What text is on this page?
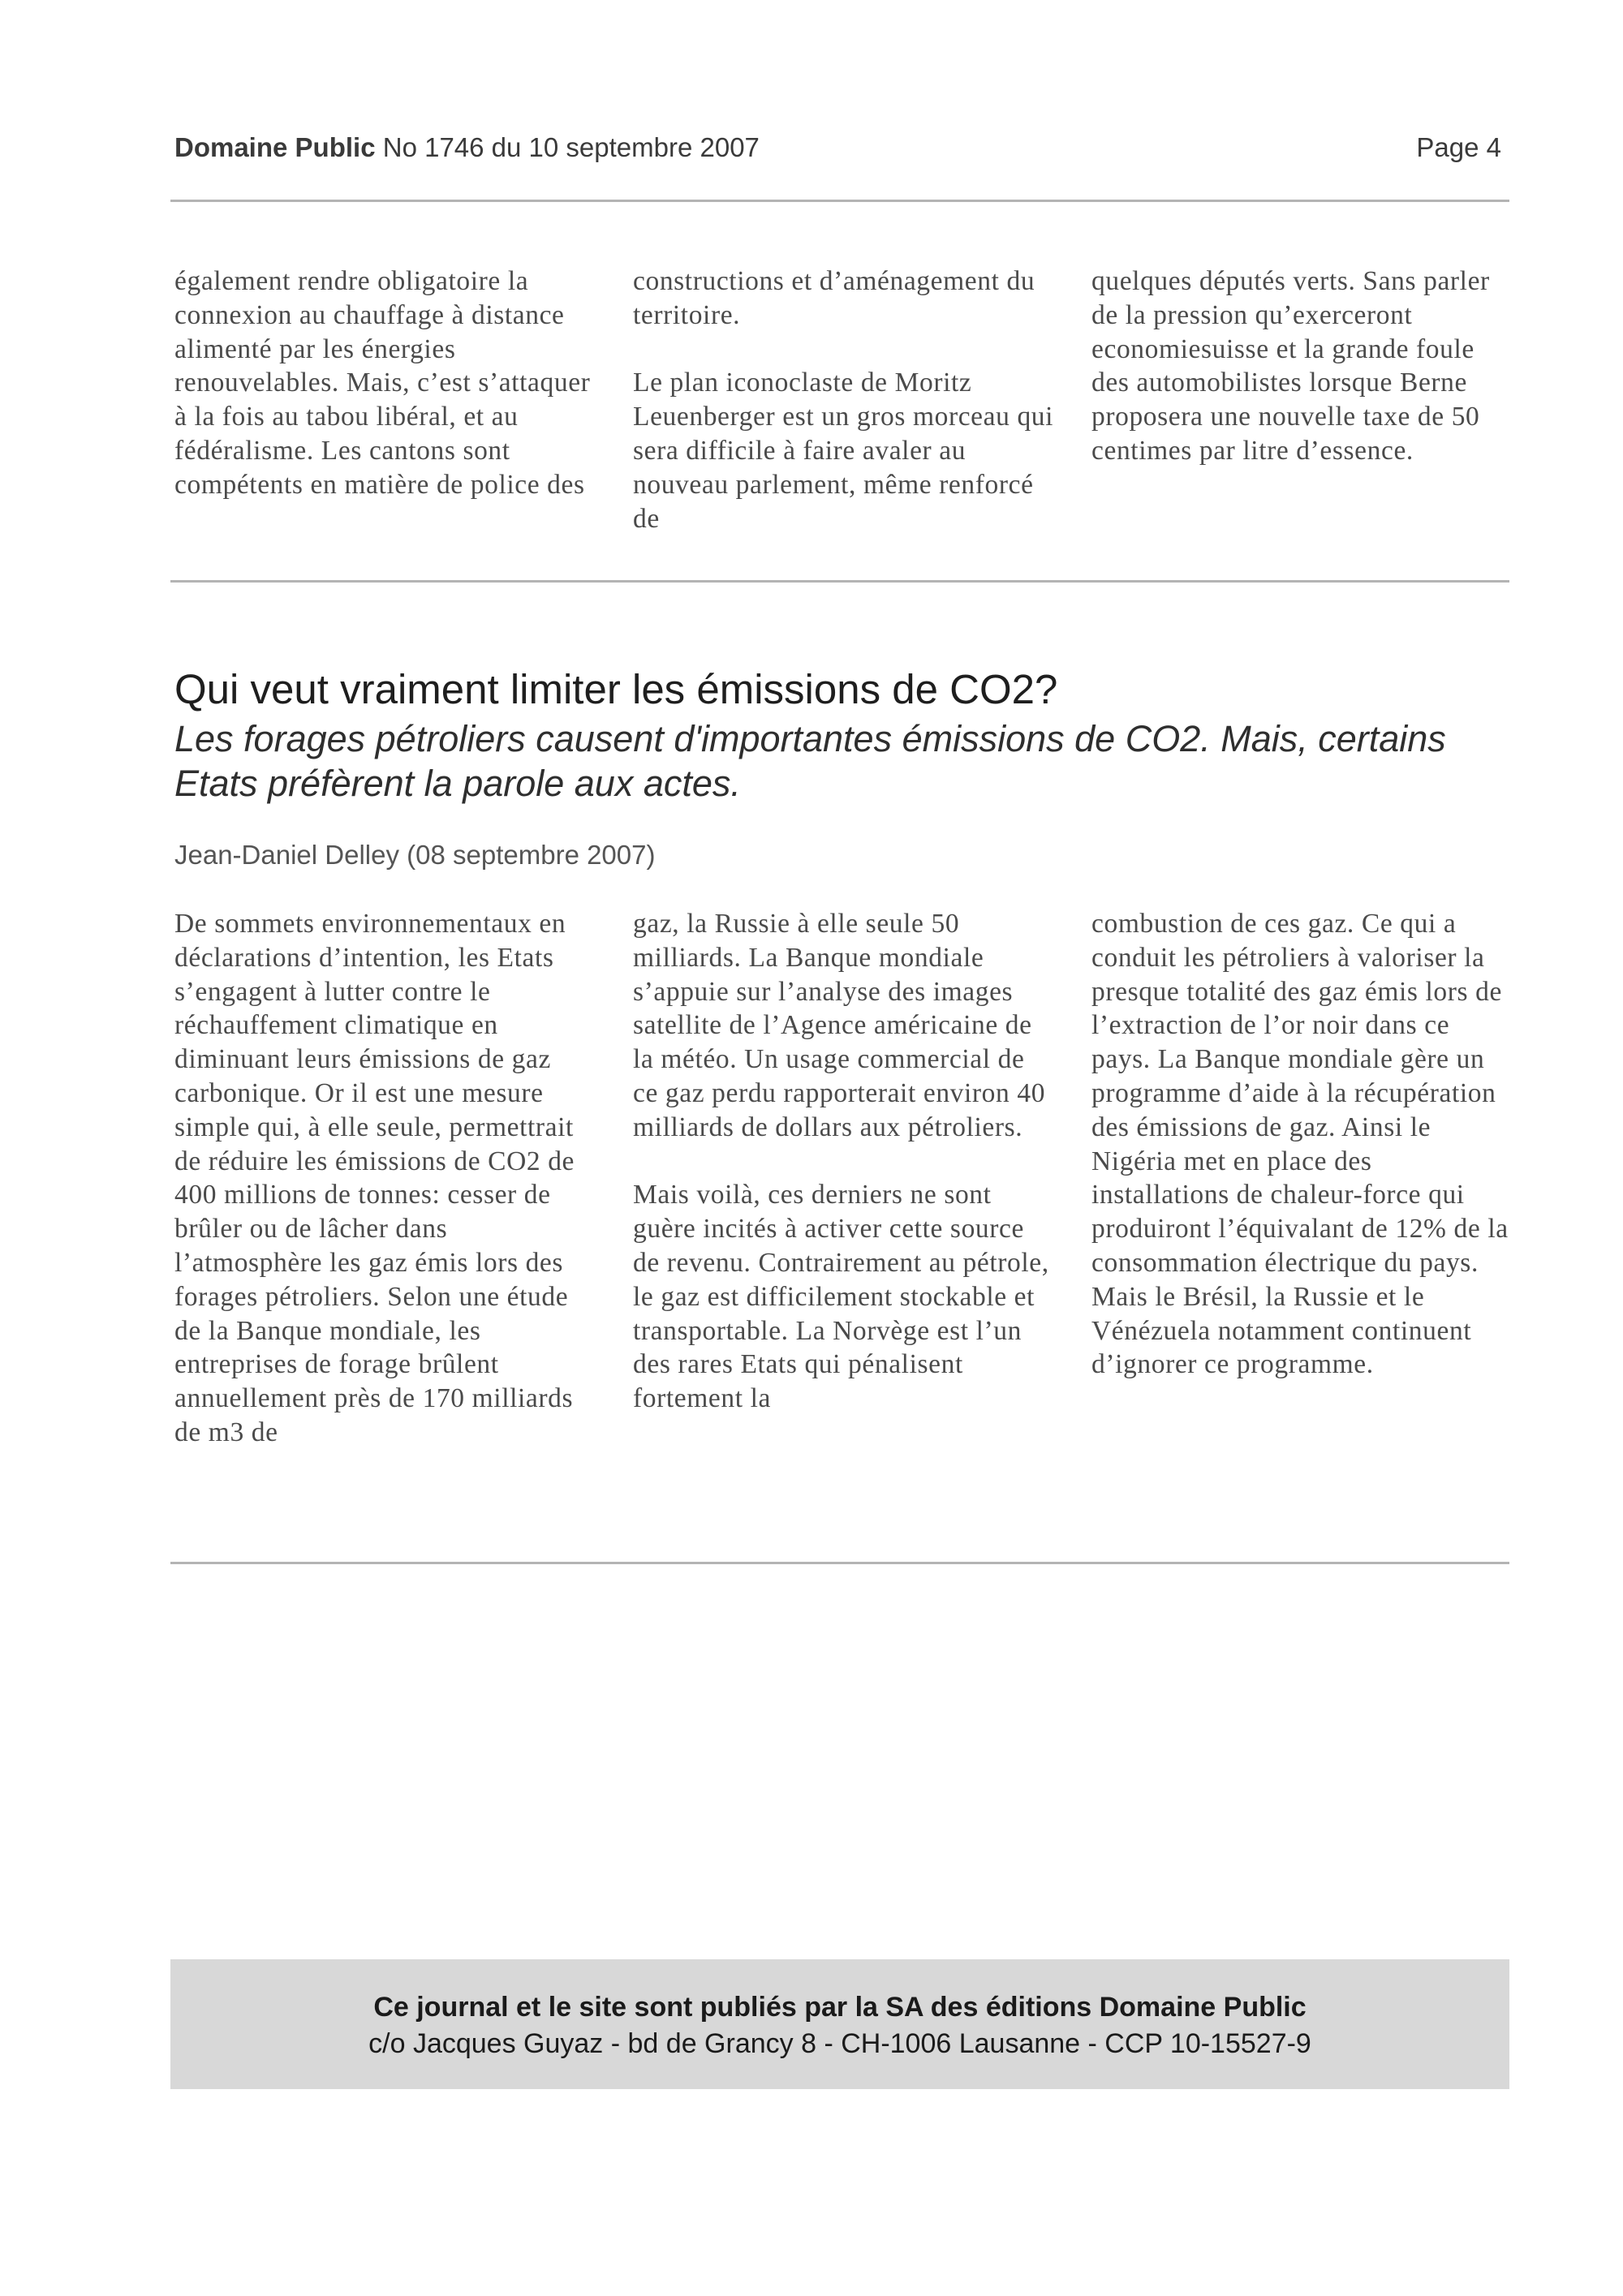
Domaine Public No 1746 du 10 septembre 2007	Page 4

également rendre obligatoire la connexion au chauffage à distance alimenté par les énergies renouvelables. Mais, c’est s’attaquer à la fois au tabou libéral, et au fédéralisme. Les cantons sont compétents en matière de police des

constructions et d’aménagement du territoire.

Le plan iconoclaste de Moritz Leuenberger est un gros morceau qui sera difficile à faire avaler au nouveau parlement, même renforcé de

quelques députés verts. Sans parler de la pression qu’exerceront economiesuisse et la grande foule des automobilistes lorsque Berne proposera une nouvelle taxe de 50 centimes par litre d’essence.

Qui veut vraiment limiter les émissions de CO2?

Les forages pétroliers causent d'importantes émissions de CO2. Mais, certains Etats préfèrent la parole aux actes.

Jean-Daniel Delley (08 septembre 2007)

De sommets environnementaux en déclarations d’intention, les Etats s’engagent à lutter contre le réchauffement climatique en diminuant leurs émissions de gaz carbonique. Or il est une mesure simple qui, à elle seule, permettrait de réduire les émissions de CO2 de 400 millions de tonnes: cesser de brûler ou de lâcher dans l’atmosphère les gaz émis lors des forages pétroliers. Selon une étude de la Banque mondiale, les entreprises de forage brûlent annuellement près de 170 milliards de m3 de

gaz, la Russie à elle seule 50 milliards. La Banque mondiale s’appuie sur l’analyse des images satellite de l’Agence américaine de la météo. Un usage commercial de ce gaz perdu rapporterait environ 40 milliards de dollars aux pétroliers.

Mais voilà, ces derniers ne sont guère incités à activer cette source de revenu. Contrairement au pétrole, le gaz est difficilement stockable et transportable. La Norvège est l’un des rares Etats qui pénalisent fortement la

combustion de ces gaz. Ce qui a conduit les pétroliers à valoriser la presque totalité des gaz émis lors de l’extraction de l’or noir dans ce pays. La Banque mondiale gère un programme d’aide à la récupération des émissions de gaz. Ainsi le Nigéria met en place des installations de chaleur-force qui produiront l’équivalant de 12% de la consommation électrique du pays. Mais le Brésil, la Russie et le Vénézuela notamment continuent d’ignorer ce programme.

Ce journal et le site sont publiés par la SA des éditions Domaine Public
c/o Jacques Guyaz - bd de Grancy 8 - CH-1006 Lausanne - CCP 10-15527-9
